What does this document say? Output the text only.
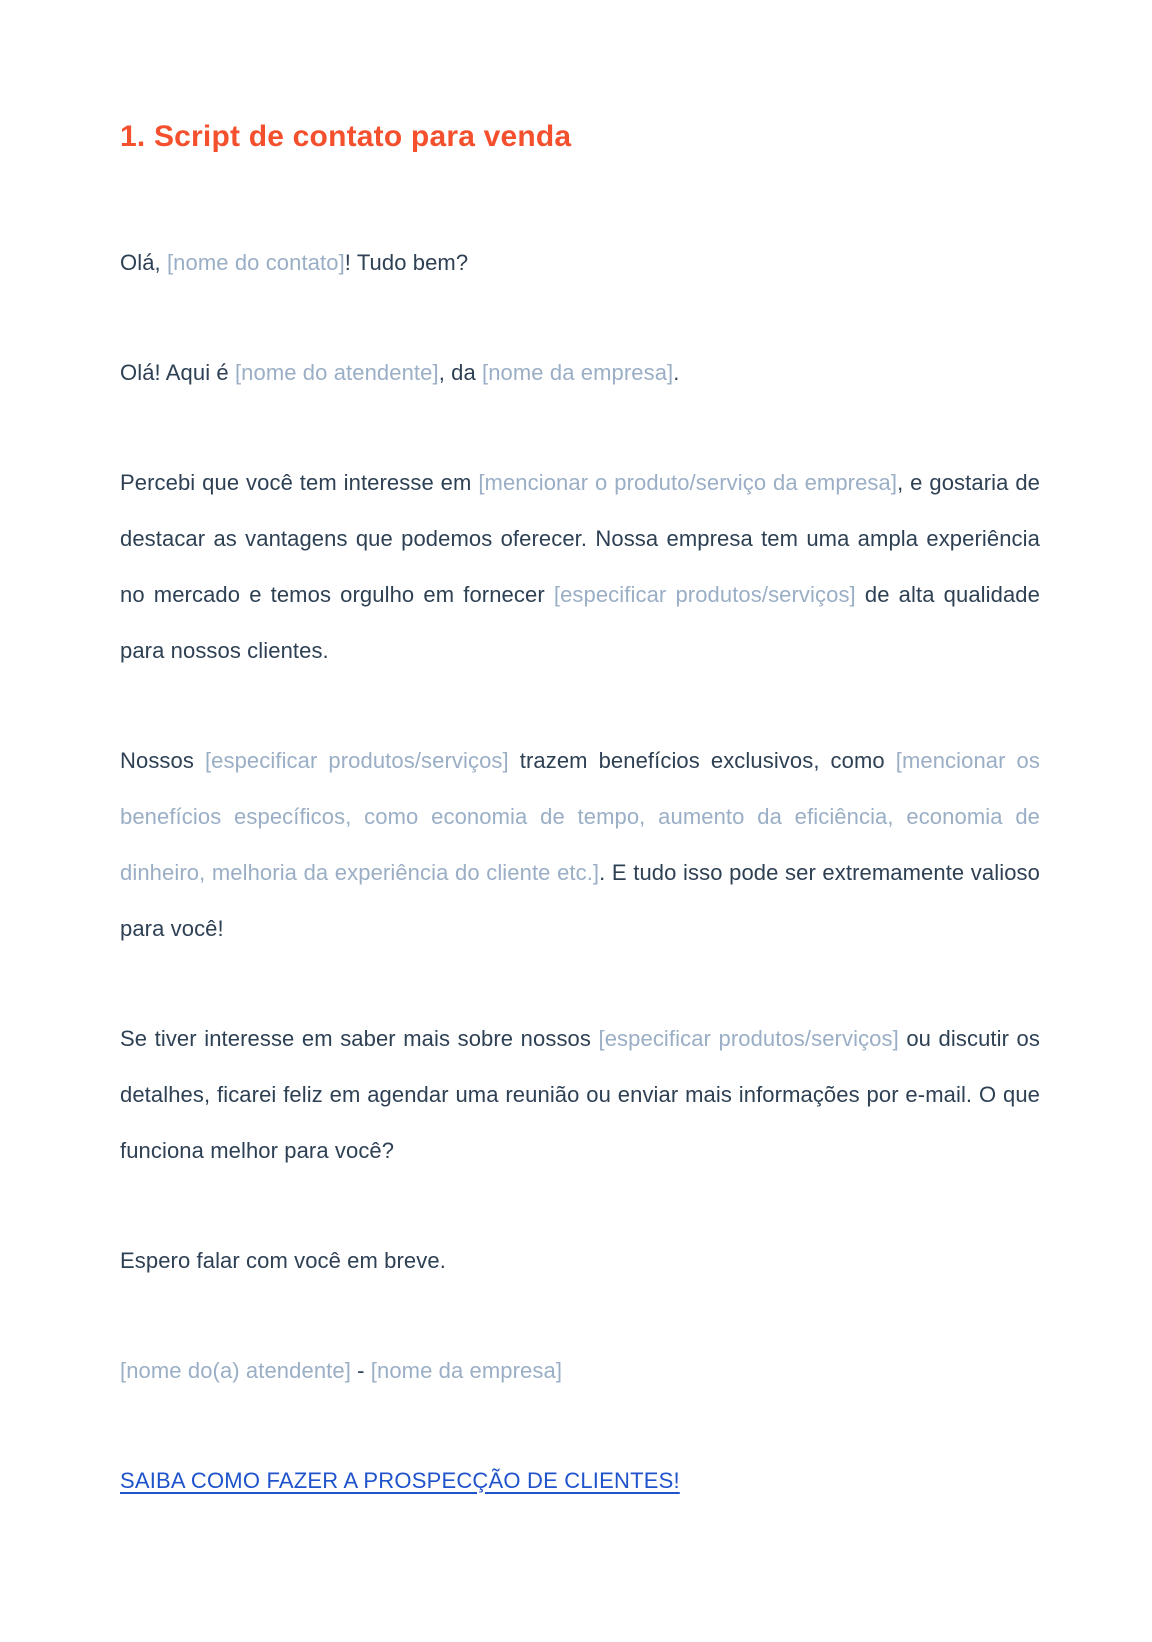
1. Script de contato para venda

Olá, [nome do contato]! Tudo bem?

Olá! Aqui é [nome do atendente], da [nome da empresa].

Percebi que você tem interesse em [mencionar o produto/serviço da empresa], e gostaria de destacar as vantagens que podemos oferecer. Nossa empresa tem uma ampla experiência no mercado e temos orgulho em fornecer [especificar produtos/serviços] de alta qualidade para nossos clientes.

Nossos [especificar produtos/serviços] trazem benefícios exclusivos, como [mencionar os benefícios específicos, como economia de tempo, aumento da eficiência, economia de dinheiro, melhoria da experiência do cliente etc.]. E tudo isso pode ser extremamente valioso para você!

Se tiver interesse em saber mais sobre nossos [especificar produtos/serviços] ou discutir os detalhes, ficarei feliz em agendar uma reunião ou enviar mais informações por e-mail. O que funciona melhor para você?

Espero falar com você em breve.

[nome do(a) atendente] - [nome da empresa]

SAIBA COMO FAZER A PROSPECÇÃO DE CLIENTES!
